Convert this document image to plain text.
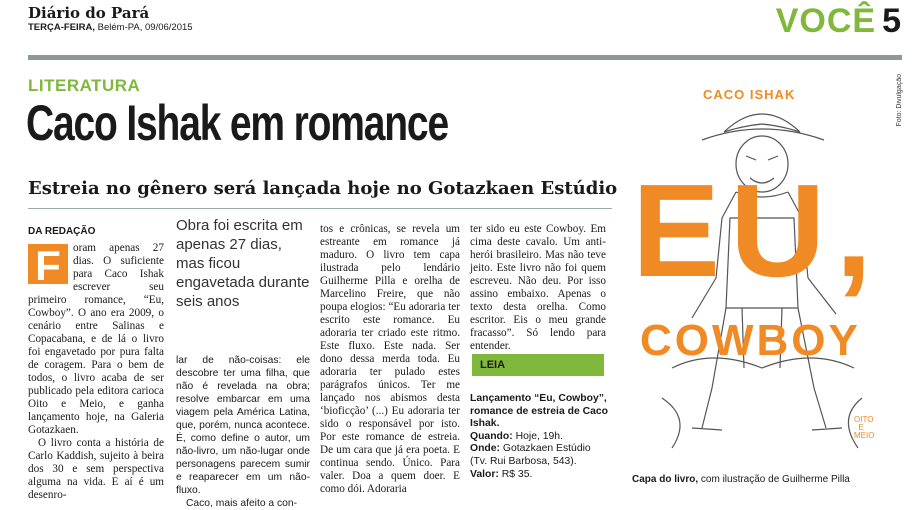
Diário do Pará
TERÇA-FEIRA, Belém-PA, 09/06/2015	VOCÊ 5
LITERATURA
Caco Ishak em romance
Estreia no gênero será lançada hoje no Gotazkaen Estúdio
DA REDAÇÃO

F	oram apenas 27 dias. O suficiente para Caco Ishak escrever seu primeiro romance, “Eu, Cowboy”. O ano era 2009, o cenário entre Salinas e Copacabana, e de lá o livro foi engavetado por pura falta de coragem. Para o bem de todos, o livro acaba de ser publicado pela editora carioca Oito e Meio, e ganha lançamento hoje, na Galeria Gotazkaen.

O livro conta a história de Carlo Kaddish, sujeito à beira dos 30 e sem perspectiva alguma na vida. E aí é um desenro-

Obra foi escrita em apenas 27 dias, mas ficou engavetada durante seis anos

lar de não-coisas: ele descobre ter uma filha, que não é revelada na obra; resolve embarcar em uma viagem pela América Latina, que, porém, nunca acontece. É, como define o autor, um não-livro, um não-lugar onde personagens parecem sumir e reaparecer em um não-fluxo.

Caco, mais afeito a con-

tos e crônicas, se revela um estreante em romance já maduro. O livro tem capa ilustrada pelo lendário Guilherme Pilla e orelha de Marcelino Freire, que não poupa elogios: “Eu adoraria ter escrito este romance. Eu adoraria ter criado este ritmo. Este fluxo. Este nada. Ser dono dessa merda toda. Eu adoraria ter pulado estes parágrafos únicos. Ter me lançado nos abismos desta ‘bioficção’ (...) Eu adoraria ter sido o responsável por isto. Por este romance de estreia. De um cara que já era poeta. E continua sendo. Único. Para valer. Doa a quem doer. E como dói. Adoraria

ter sido eu este Cowboy. Em cima deste cavalo. Um anti-herói brasileiro. Mas não teve jeito. Este livro não foi quem escreveu. Não deu. Por isso assino embaixo. Apenas o texto desta orelha. Como escritor. Eis o meu grande fracasso”. Só lendo para entender.

LEIA
Lançamento “Eu, Cowboy”, romance de estreia de Caco Ishak.
Quando: Hoje, 19h.
Onde: Gotazkaen Estúdio (Tv. Rui Barbosa, 543).
Valor: R$ 35.
CACO ISHAK
EU,
COWBOY
OITO E MEIO
Foto: Divulgação
Capa do livro, com ilustração de Guilherme Pilla
